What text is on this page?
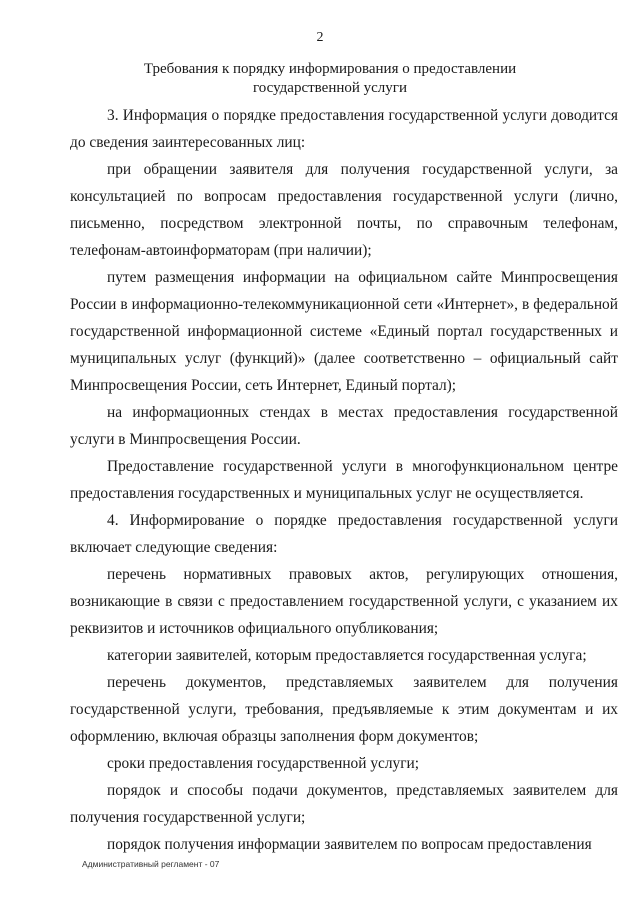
2
Требования к порядку информирования о предоставлении
государственной услуги

3. Информация о порядке предоставления государственной услуги доводится до сведения заинтересованных лиц:

при обращении заявителя для получения государственной услуги, за консультацией по вопросам предоставления государственной услуги (лично, письменно, посредством электронной почты, по справочным телефонам, телефонам-автоинформаторам (при наличии);

путем размещения информации на официальном сайте Минпросвещения России в информационно-телекоммуникационной сети «Интернет», в федеральной государственной информационной системе «Единый портал государственных и муниципальных услуг (функций)» (далее соответственно – официальный сайт Минпросвещения России, сеть Интернет, Единый портал);

на информационных стендах в местах предоставления государственной услуги в Минпросвещения России.

Предоставление государственной услуги в многофункциональном центре предоставления государственных и муниципальных услуг не осуществляется.

4. Информирование о порядке предоставления государственной услуги включает следующие сведения:

перечень нормативных правовых актов, регулирующих отношения, возникающие в связи с предоставлением государственной услуги, с указанием их реквизитов и источников официального опубликования;

категории заявителей, которым предоставляется государственная услуга;

перечень документов, представляемых заявителем для получения государственной услуги, требования, предъявляемые к этим документам и их оформлению, включая образцы заполнения форм документов;

сроки предоставления государственной услуги;

порядок и способы подачи документов, представляемых заявителем для получения государственной услуги;

порядок получения информации заявителем по вопросам предоставления

Административный регламент - 07
